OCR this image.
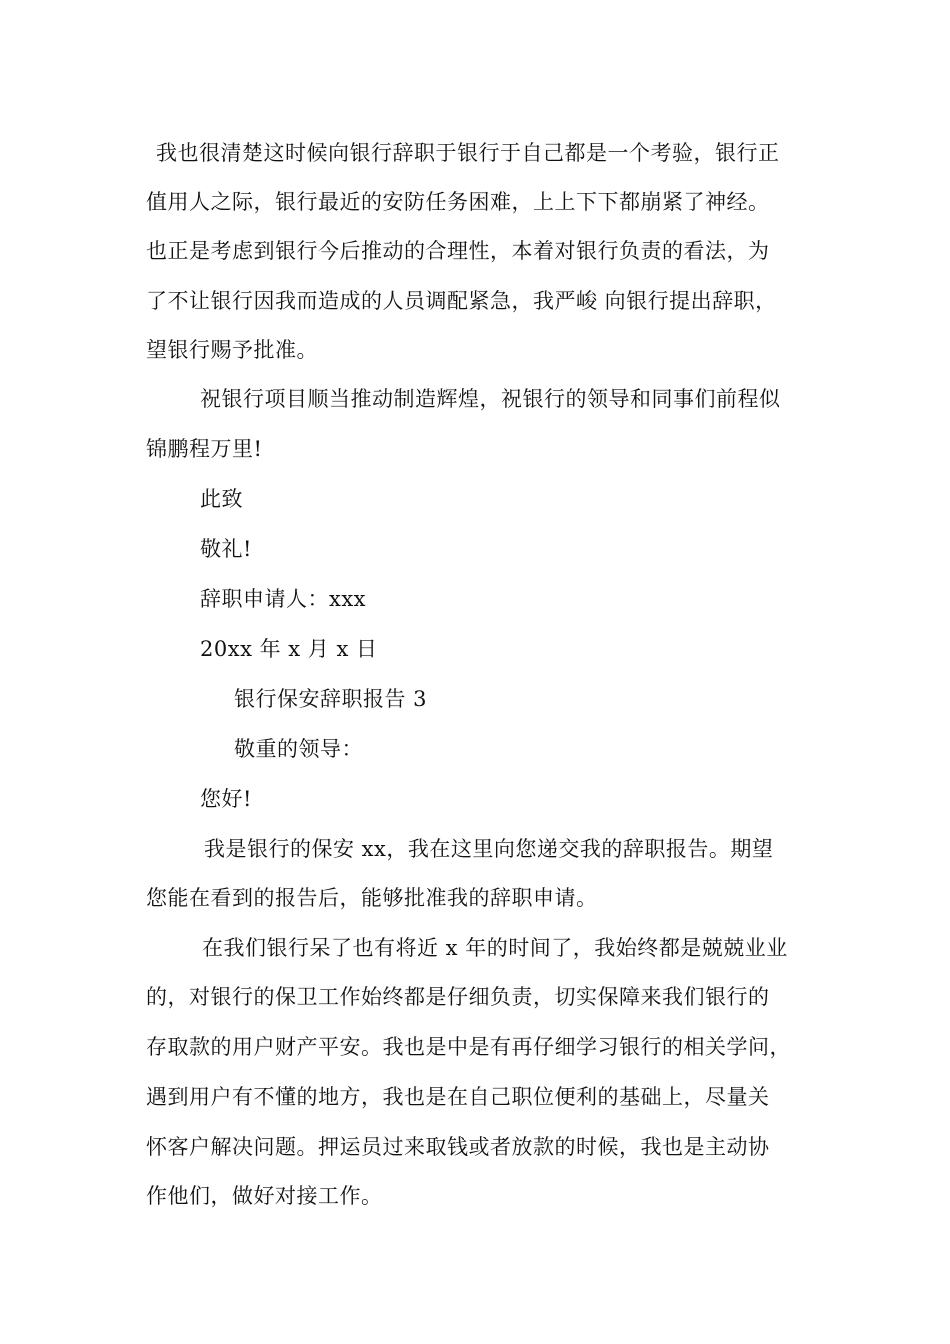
我也很清楚这时候向银行辞职于银行于自己都是一个考验，银行正
值用人之际，银行最近的安防任务困难，上上下下都崩紧了神经。
也正是考虑到银行今后推动的合理性，本着对银行负责的看法，为
了不让银行因我而造成的人员调配紧急，我严峻 向银行提出辞职，
望银行赐予批准。
祝银行项目顺当推动制造辉煌，祝银行的领导和同事们前程似
锦鹏程万里!
此致
敬礼!
辞职申请人：xxx
20xx 年 x 月 x 日
银行保安辞职报告 3
敬重的领导：
您好!
我是银行的保安 xx，我在这里向您递交我的辞职报告。期望
您能在看到的报告后，能够批准我的辞职申请。
在我们银行呆了也有将近 x 年的时间了，我始终都是兢兢业业
的，对银行的保卫工作始终都是仔细负责，切实保障来我们银行的
存取款的用户财产平安。我也是中是有再仔细学习银行的相关学问，
遇到用户有不懂的地方，我也是在自己职位便利的基础上，尽量关
怀客户解决问题。押运员过来取钱或者放款的时候，我也是主动协
作他们，做好对接工作。
